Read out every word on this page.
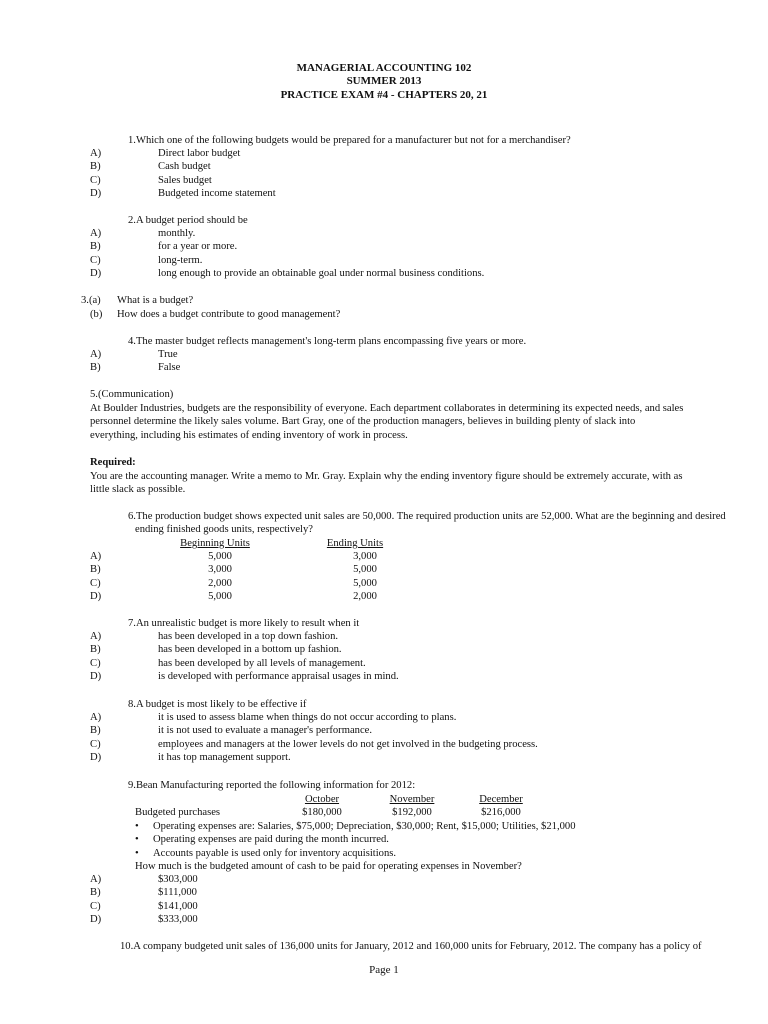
MANAGERIAL ACCOUNTING 102
SUMMER 2013
PRACTICE EXAM #4 - CHAPTERS 20, 21
1.Which one of the following budgets would be prepared for a manufacturer but not for a merchandiser?
A)	Direct labor budget
B)	Cash budget
C)	Sales budget
D)	Budgeted income statement
2.A budget period should be
A)	monthly.
B)	for a year or more.
C)	long-term.
D)	long enough to provide an obtainable goal under normal business conditions.
3.(a) What is a budget?
(b) How does a budget contribute to good management?
4.The master budget reflects management's long-term plans encompassing five years or more.
A)	True
B)	False
5.(Communication)
At Boulder Industries, budgets are the responsibility of everyone. Each department collaborates in determining its expected needs, and sales
personnel determine the likely sales volume. Bart Gray, one of the production managers, believes in building plenty of slack into
everything, including his estimates of ending inventory of work in process.
Required:
You are the accounting manager. Write a memo to Mr. Gray. Explain why the ending inventory figure should be extremely accurate, with as
little slack as possible.
6.The production budget shows expected unit sales are 50,000. The required production units are 52,000. What are the beginning and desired
ending finished goods units, respectively?
Beginning Units	Ending Units
A)	5,000	3,000
B)	3,000	5,000
C)	2,000	5,000
D)	5,000	2,000
7.An unrealistic budget is more likely to result when it
A)	has been developed in a top down fashion.
B)	has been developed in a bottom up fashion.
C)	has been developed by all levels of management.
D)	is developed with performance appraisal usages in mind.
8.A budget is most likely to be effective if
A)	it is used to assess blame when things do not occur according to plans.
B)	it is not used to evaluate a manager's performance.
C)	employees and managers at the lower levels do not get involved in the budgeting process.
D)	it has top management support.
9.Bean Manufacturing reported the following information for 2012:
October	November	December
Budgeted purchases	$180,000	$192,000	$216,000
• Operating expenses are: Salaries, $75,000; Depreciation, $30,000; Rent, $15,000; Utilities, $21,000
• Operating expenses are paid during the month incurred.
• Accounts payable is used only for inventory acquisitions.
How much is the budgeted amount of cash to be paid for operating expenses in November?
A)	$303,000
B)	$111,000
C)	$141,000
D)	$333,000
10.A company budgeted unit sales of 136,000 units for January, 2012 and 160,000 units for February, 2012. The company has a policy of
Page 1
